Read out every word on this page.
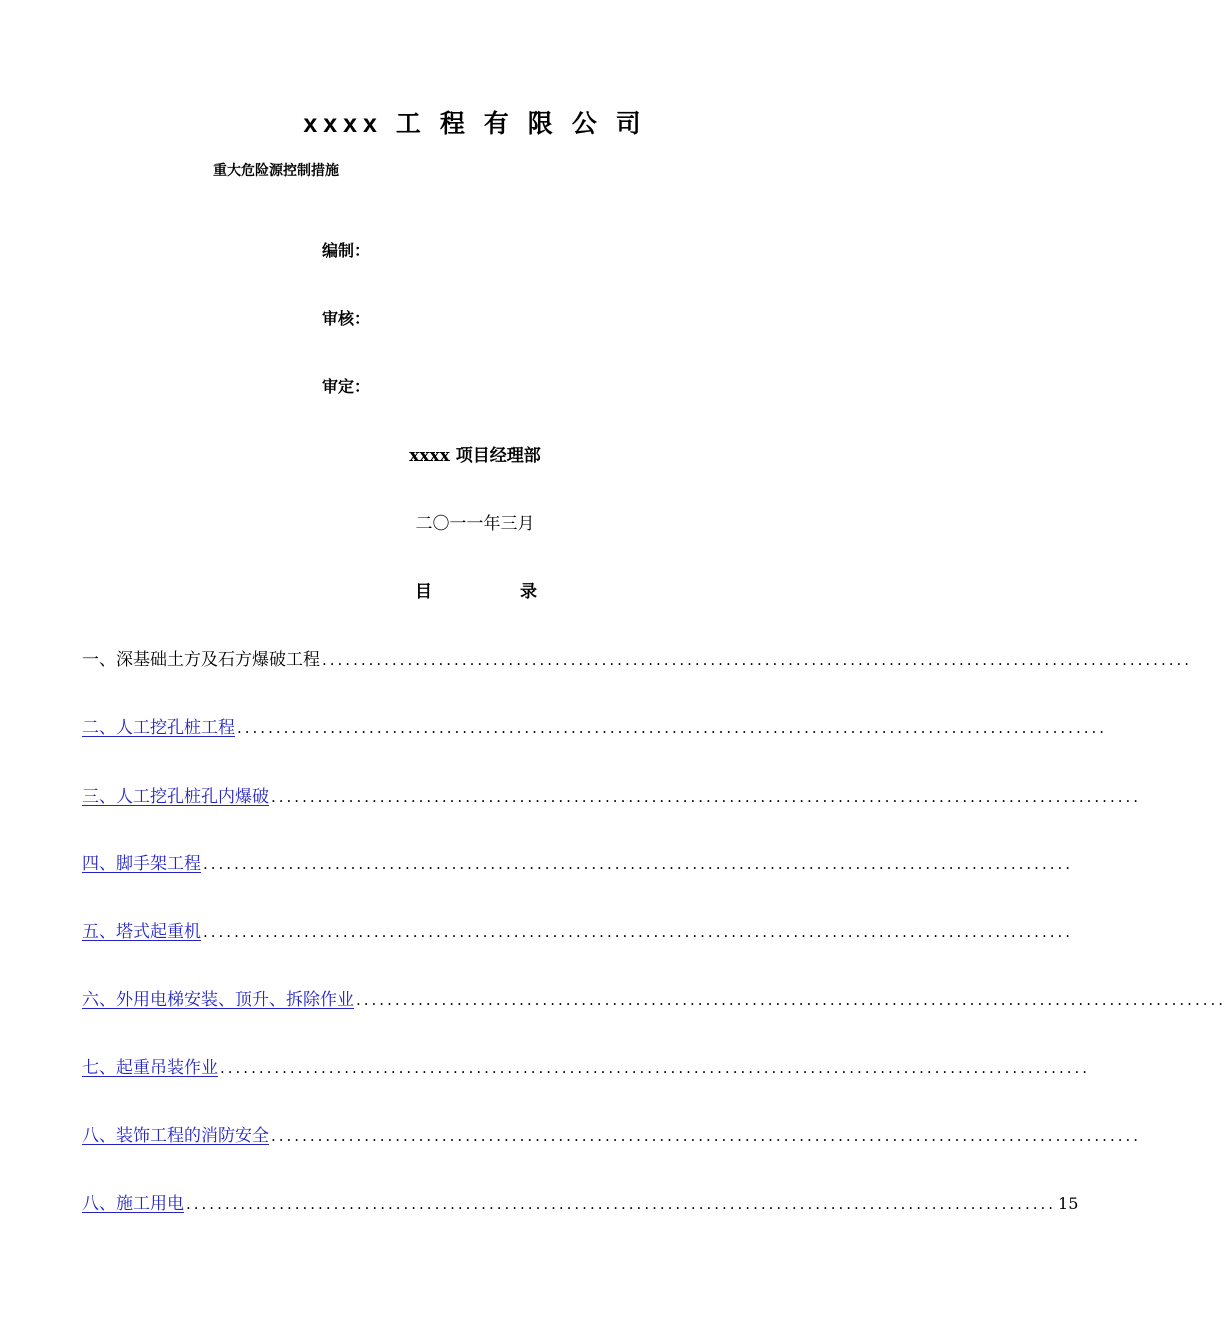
xxxx 工 程 有 限 公 司
重大危险源控制措施
编制：
审核：
审定：
xxxx 项目经理部
二〇一一年三月
目	录
一、深基础土方及石方爆破工程 ................................................................................................................
二、人工挖孔桩工程 ................................................................................................................
三、人工挖孔桩孔内爆破 ................................................................................................................
四、脚手架工程 ................................................................................................................
五、塔式起重机 ................................................................................................................
六、外用电梯安装、顶升、拆除作业 ................................................................................................................
七、起重吊装作业 ................................................................................................................
八、装饰工程的消防安全 ................................................................................................................
八、施工用电 ................................................................................................................ 15
